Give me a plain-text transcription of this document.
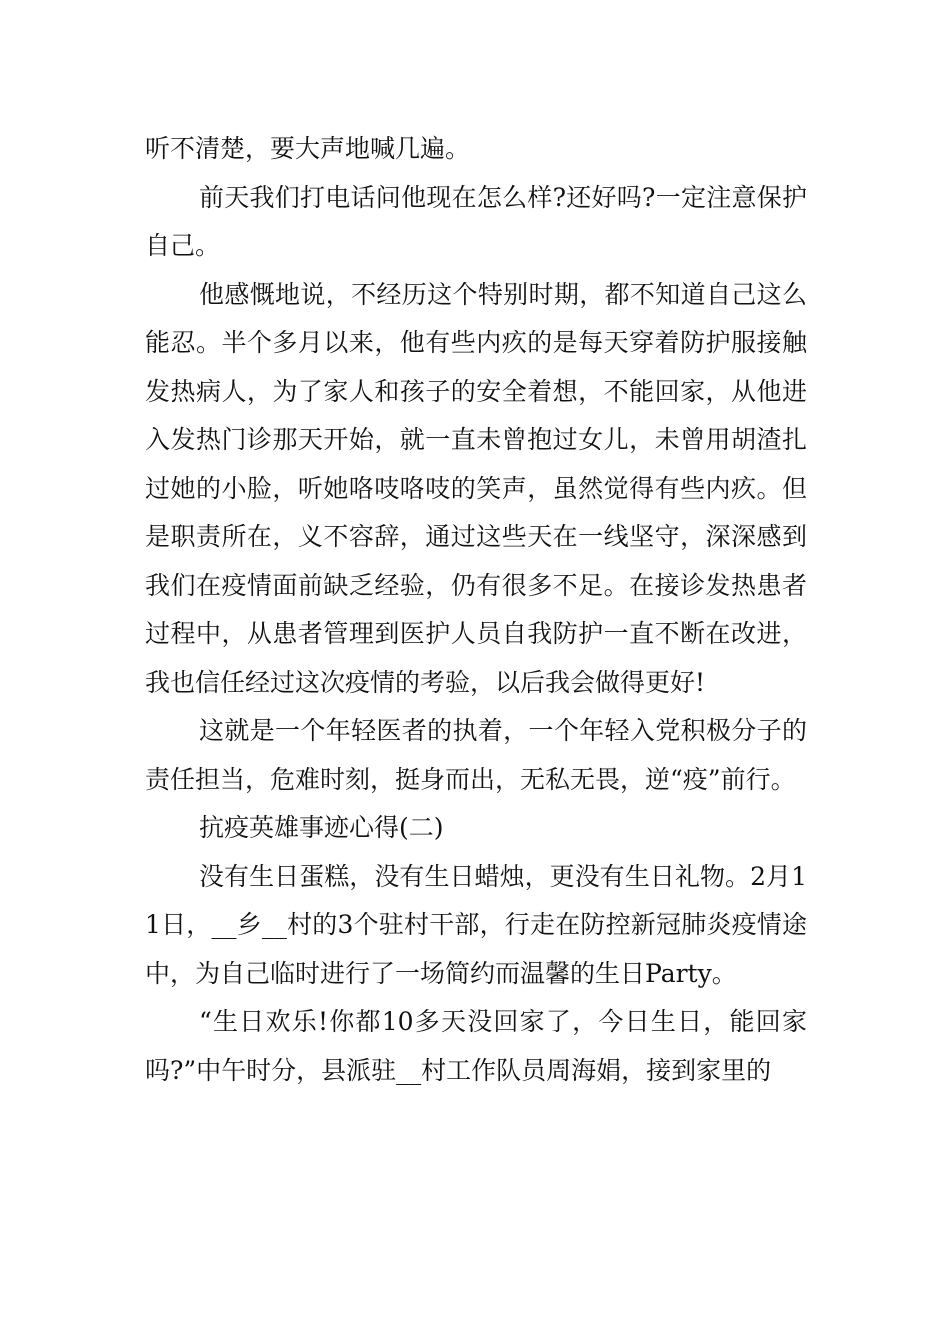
听不清楚，要大声地喊几遍。

前天我们打电话问他现在怎么样?还好吗?一定注意保护自己。

他感慨地说，不经历这个特别时期，都不知道自己这么能忍。半个多月以来，他有些内疚的是每天穿着防护服接触发热病人，为了家人和孩子的安全着想，不能回家，从他进入发热门诊那天开始，就一直未曾抱过女儿，未曾用胡渣扎过她的小脸，听她咯吱咯吱的笑声，虽然觉得有些内疚。但是职责所在，义不容辞，通过这些天在一线坚守，深深感到我们在疫情面前缺乏经验，仍有很多不足。在接诊发热患者过程中，从患者管理到医护人员自我防护一直不断在改进，我也信任经过这次疫情的考验，以后我会做得更好!

这就是一个年轻医者的执着，一个年轻入党积极分子的责任担当，危难时刻，挺身而出，无私无畏，逆“疫”前行。

抗疫英雄事迹心得(二)

没有生日蛋糕，没有生日蜡烛，更没有生日礼物。2月11日，__乡__村的3个驻村干部，行走在防控新冠肺炎疫情途中，为自己临时进行了一场简约而温馨的生日Party。

“生日欢乐!你都10多天没回家了，今日生日，能回家吗?”中午时分，县派驻__村工作队员周海娟，接到家里的
